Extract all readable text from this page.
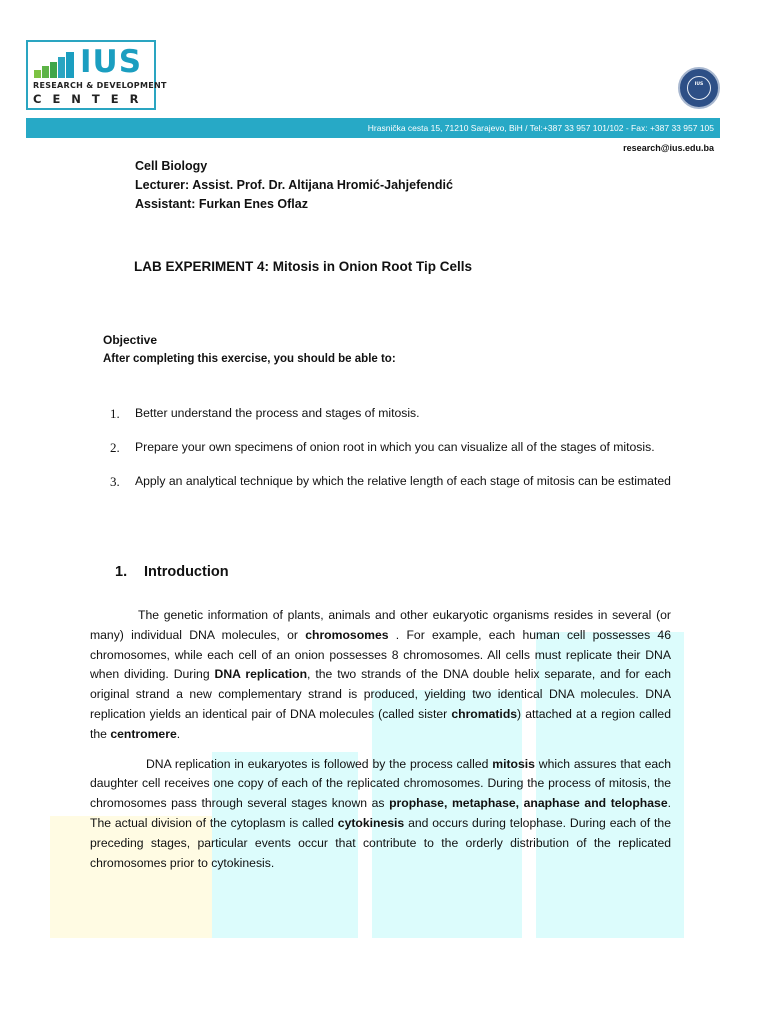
IUS
RESEARCH & DEVELOPMENT
CENTER
IUS
Hrasnička cesta 15, 71210 Sarajevo, BiH / Tel:+387 33 957 101/102 - Fax: +387 33 957 105
research@ius.edu.ba
Cell Biology
Lecturer: Assist. Prof. Dr. Altijana Hromić-Jahjefendić
Assistant: Furkan Enes Oflaz
LAB EXPERIMENT 4: Mitosis in Onion Root Tip Cells
Objective
After completing this exercise, you should be able to:
1.	Better understand the process and stages of mitosis.
2.	Prepare your own specimens of onion root in which you can visualize all of the stages of mitosis.
3.	Apply an analytical technique by which the relative length of each stage of mitosis can be estimated
1. Introduction

The genetic information of plants, animals and other eukaryotic organisms resides in several (or many) individual DNA molecules, or chromosomes . For example, each human cell possesses 46 chromosomes, while each cell of an onion possesses 8 chromosomes. All cells must replicate their DNA when dividing. During DNA replication, the two strands of the DNA double helix separate, and for each original strand a new complementary strand is produced, yielding two identical DNA molecules. DNA replication yields an identical pair of DNA molecules (called sister chromatids) attached at a region called the centromere.

DNA replication in eukaryotes is followed by the process called mitosis which assures that each daughter cell receives one copy of each of the replicated chromosomes. During the process of mitosis, the chromosomes pass through several stages known as prophase, metaphase, anaphase and telophase. The actual division of the cytoplasm is called cytokinesis and occurs during telophase. During each of the preceding stages, particular events occur that contribute to the orderly distribution of the replicated chromosomes prior to cytokinesis.
